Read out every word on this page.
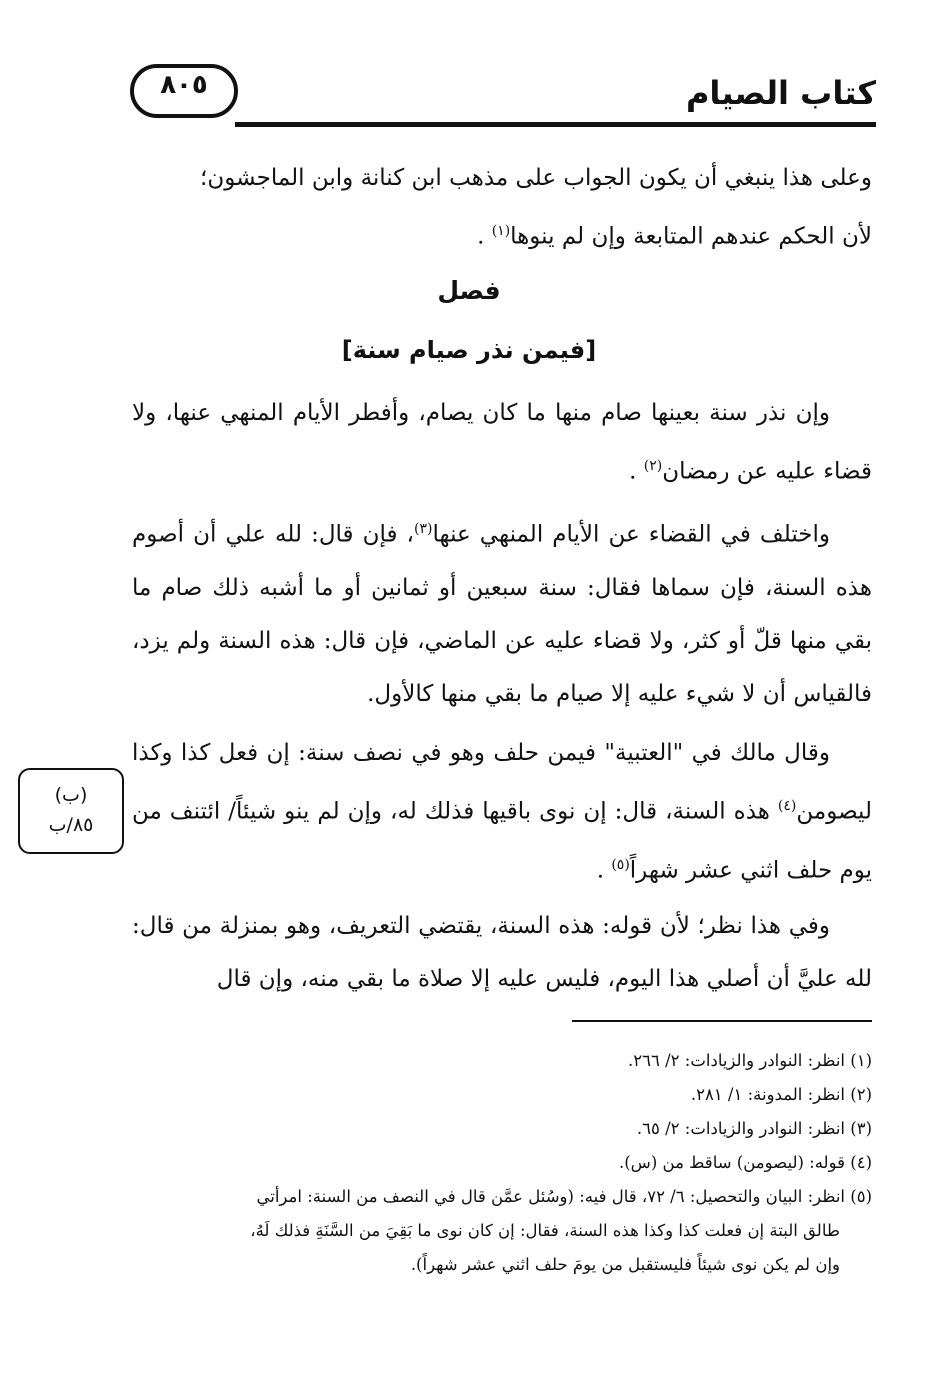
٨٠٥	كتاب الصيام

وعلى هذا ينبغي أن يكون الجواب على مذهب ابن كنانة وابن الماجشون؛

لأن الحكم عندهم المتابعة وإن لم ينوها$^{(١)}$ .

فصل
[فيمن نذر صيام سنة]

وإن نذر سنة بعينها صام منها ما كان يصام، وأفطر الأيام المنهي عنها، ولا قضاء عليه عن رمضان$^{(٢)}$ .

واختلف في القضاء عن الأيام المنهي عنها$^{(٣)}$، فإن قال: لله علي أن أصوم هذه السنة، فإن سماها فقال: سنة سبعين أو ثمانين أو ما أشبه ذلك صام ما بقي منها قلّ أو كثر، ولا قضاء عليه عن الماضي، فإن قال: هذه السنة ولم يزد، فالقياس أن لا شيء عليه إلا صيام ما بقي منها كالأول.

وقال مالك في "العتبية" فيمن حلف وهو في نصف سنة: إن فعل كذا وكذا ليصومن$^{(٤)}$ هذه السنة، قال: إن نوى باقيها فذلك له، وإن لم ينو شيئاً/ ائتنف من يوم حلف اثني عشر شهراً$^{(٥)}$ .

(ب)
٨٥/ب

وفي هذا نظر؛ لأن قوله: هذه السنة، يقتضي التعريف، وهو بمنزلة من قال: لله عليَّ أن أصلي هذا اليوم، فليس عليه إلا صلاة ما بقي منه، وإن قال

(١) انظر: النوادر والزيادات: ٢/ ٢٦٦.

(٢) انظر: المدونة: ١/ ٢٨١.

(٣) انظر: النوادر والزيادات: ٢/ ٦٥.

(٤) قوله: (ليصومن) ساقط من (س).

(٥) انظر: البيان والتحصيل: ٦/ ٧٢، قال فيه: (وسُئل عمَّن قال في النصف من السنة: امرأتي

طالق البتة إن فعلت كذا وكذا هذه السنة، فقال: إن كان نوى ما بَقِيَ من السَّنَةِ فذلك لَهُ،

وإن لم يكن نوى شيئاً فليستقبل من يومَ حلف اثني عشر شهراً).
